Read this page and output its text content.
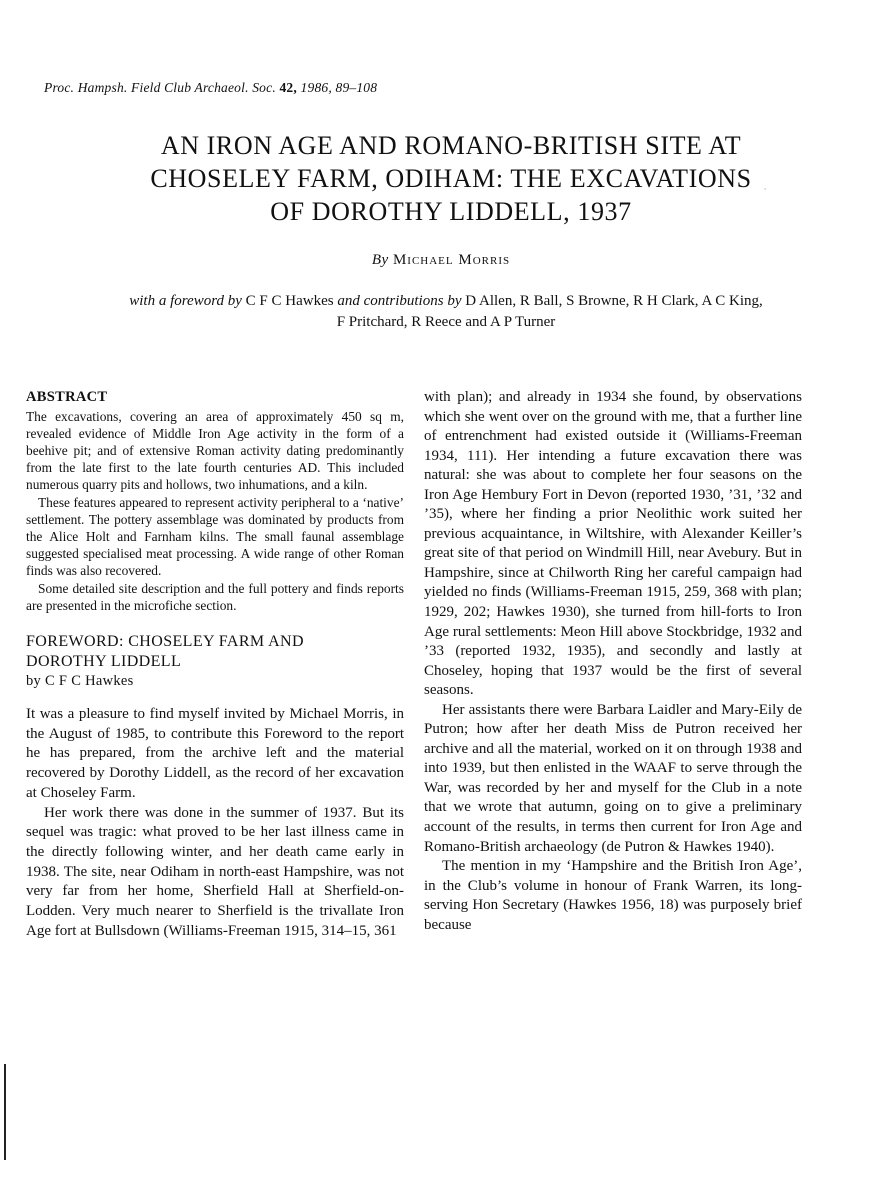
Proc. Hampsh. Field Club Archaeol. Soc. 42, 1986, 89–108
AN IRON AGE AND ROMANO-BRITISH SITE AT
CHOSELEY FARM, ODIHAM: THE EXCAVATIONS
OF DOROTHY LIDDELL, 1937
∙
By Michael Morris
with a foreword by C F C Hawkes and contributions by D Allen, R Ball, S Browne, R H Clark, A C King,
F Pritchard, R Reece and A P Turner
ABSTRACT

The excavations, covering an area of approximately 450 sq m, revealed evidence of Middle Iron Age activity in the form of a beehive pit; and of extensive Roman activity dating predominantly from the late first to the late fourth centuries AD. This included numerous quarry pits and hollows, two inhumations, and a kiln.

These features appeared to represent activity peripheral to a ‘native’ settlement. The pottery assemblage was dominated by products from the Alice Holt and Farnham kilns. The small faunal assemblage suggested specialised meat processing. A wide range of other Roman finds was also recovered.

Some detailed site description and the full pottery and finds reports are presented in the microfiche section.

FOREWORD: CHOSELEY FARM AND
DOROTHY LIDDELL
by C F C Hawkes

It was a pleasure to find myself invited by Michael Morris, in the August of 1985, to contribute this Foreword to the report he has prepared, from the archive left and the material recovered by Dorothy Liddell, as the record of her excavation at Choseley Farm.

Her work there was done in the summer of 1937. But its sequel was tragic: what proved to be her last illness came in the directly following winter, and her death came early in 1938. The site, near Odiham in north-east Hampshire, was not very far from her home, Sherfield Hall at Sherfield-on-Lodden. Very much nearer to Sherfield is the trivallate Iron Age fort at Bullsdown (Williams-Freeman 1915, 314–15, 361

with plan); and already in 1934 she found, by observations which she went over on the ground with me, that a further line of entrenchment had existed outside it (Williams-Freeman 1934, 111). Her intending a future excavation there was natural: she was about to complete her four seasons on the Iron Age Hembury Fort in Devon (reported 1930, ’31, ’32 and ’35), where her finding a prior Neolithic work suited her previous acquaintance, in Wiltshire, with Alexander Keiller’s great site of that period on Windmill Hill, near Avebury. But in Hampshire, since at Chilworth Ring her careful campaign had yielded no finds (Williams-Freeman 1915, 259, 368 with plan; 1929, 202; Hawkes 1930), she turned from hill-forts to Iron Age rural settlements: Meon Hill above Stockbridge, 1932 and ’33 (reported 1932, 1935), and secondly and lastly at Choseley, hoping that 1937 would be the first of several seasons.

Her assistants there were Barbara Laidler and Mary-Eily de Putron; how after her death Miss de Putron received her archive and all the material, worked on it on through 1938 and into 1939, but then enlisted in the WAAF to serve through the War, was recorded by her and myself for the Club in a note that we wrote that autumn, going on to give a preliminary account of the results, in terms then current for Iron Age and Romano-British archaeology (de Putron & Hawkes 1940).

The mention in my ‘Hampshire and the British Iron Age’, in the Club’s volume in honour of Frank Warren, its long-serving Hon Secretary (Hawkes 1956, 18) was purposely brief because
